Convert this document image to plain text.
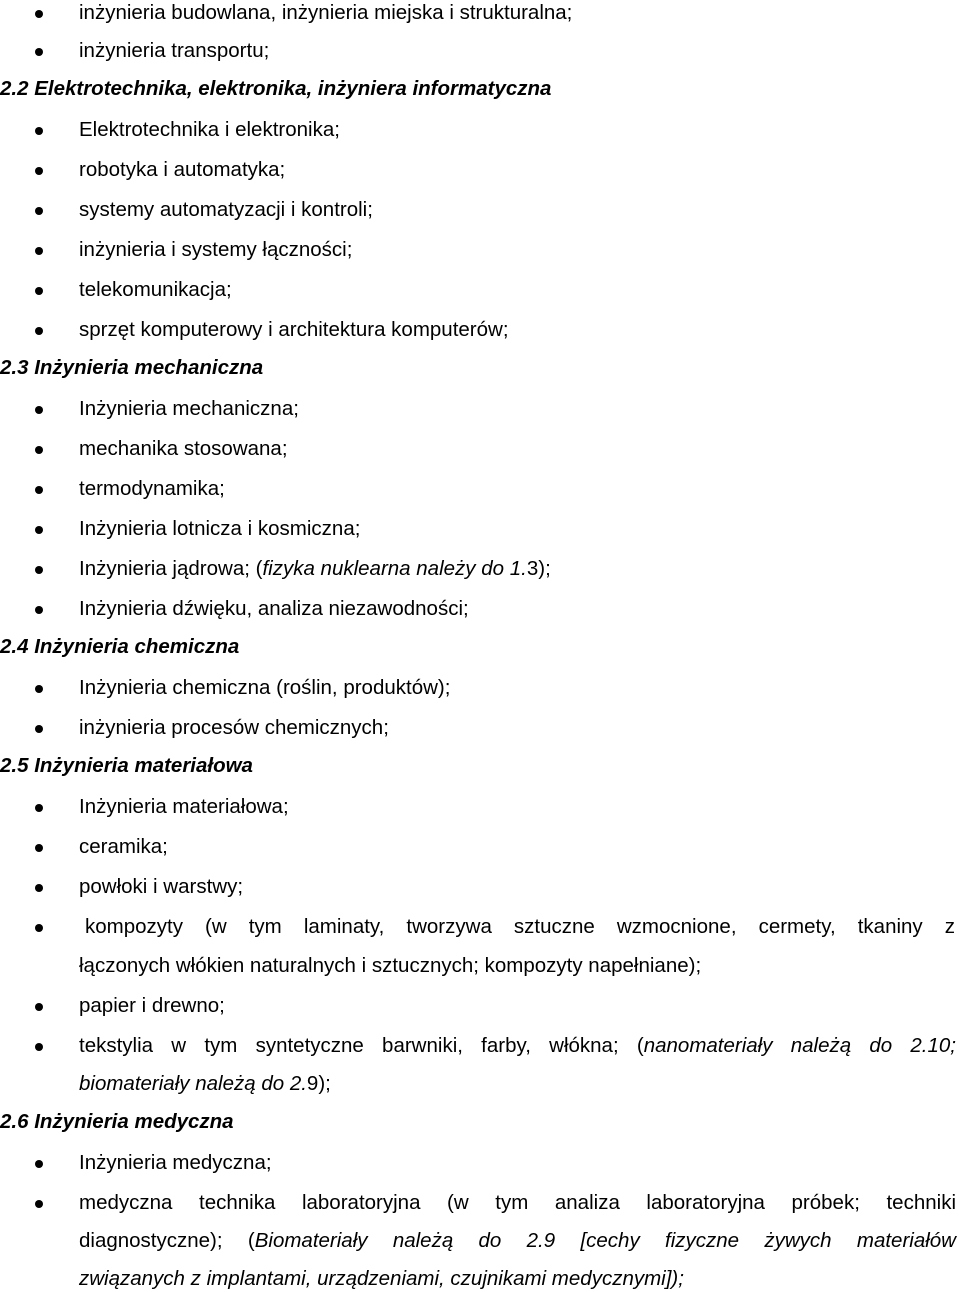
inżynieria budowlana, inżynieria miejska i strukturalna;
inżynieria transportu;
2.2 Elektrotechnika, elektronika, inżyniera informatyczna
Elektrotechnika i elektronika;
robotyka i automatyka;
systemy automatyzacji i kontroli;
inżynieria i systemy łączności;
telekomunikacja;
sprzęt komputerowy i architektura komputerów;
2.3 Inżynieria mechaniczna
Inżynieria mechaniczna;
mechanika stosowana;
termodynamika;
Inżynieria lotnicza i kosmiczna;
Inżynieria jądrowa; (fizyka nuklearna należy do 1.3);
Inżynieria dźwięku, analiza niezawodności;
2.4 Inżynieria chemiczna
Inżynieria chemiczna (roślin, produktów);
inżynieria procesów chemicznych;
2.5 Inżynieria materiałowa
Inżynieria materiałowa;
ceramika;
powłoki i warstwy;
kompozyty (w tym laminaty, tworzywa sztuczne wzmocnione, cermety, tkaniny z
łączonych włókien naturalnych i sztucznych; kompozyty napełniane);
papier i drewno;
tekstylia w tym syntetyczne barwniki, farby, włókna; (nanomateriały należą do 2.10;
biomateriały należą do 2.9);
2.6 Inżynieria medyczna
Inżynieria medyczna;
medyczna technika laboratoryjna (w tym analiza laboratoryjna próbek; techniki
diagnostyczne); (Biomateriały należą do 2.9 [cechy fizyczne żywych materiałów
związanych z implantami, urządzeniami, czujnikami medycznymi]);
